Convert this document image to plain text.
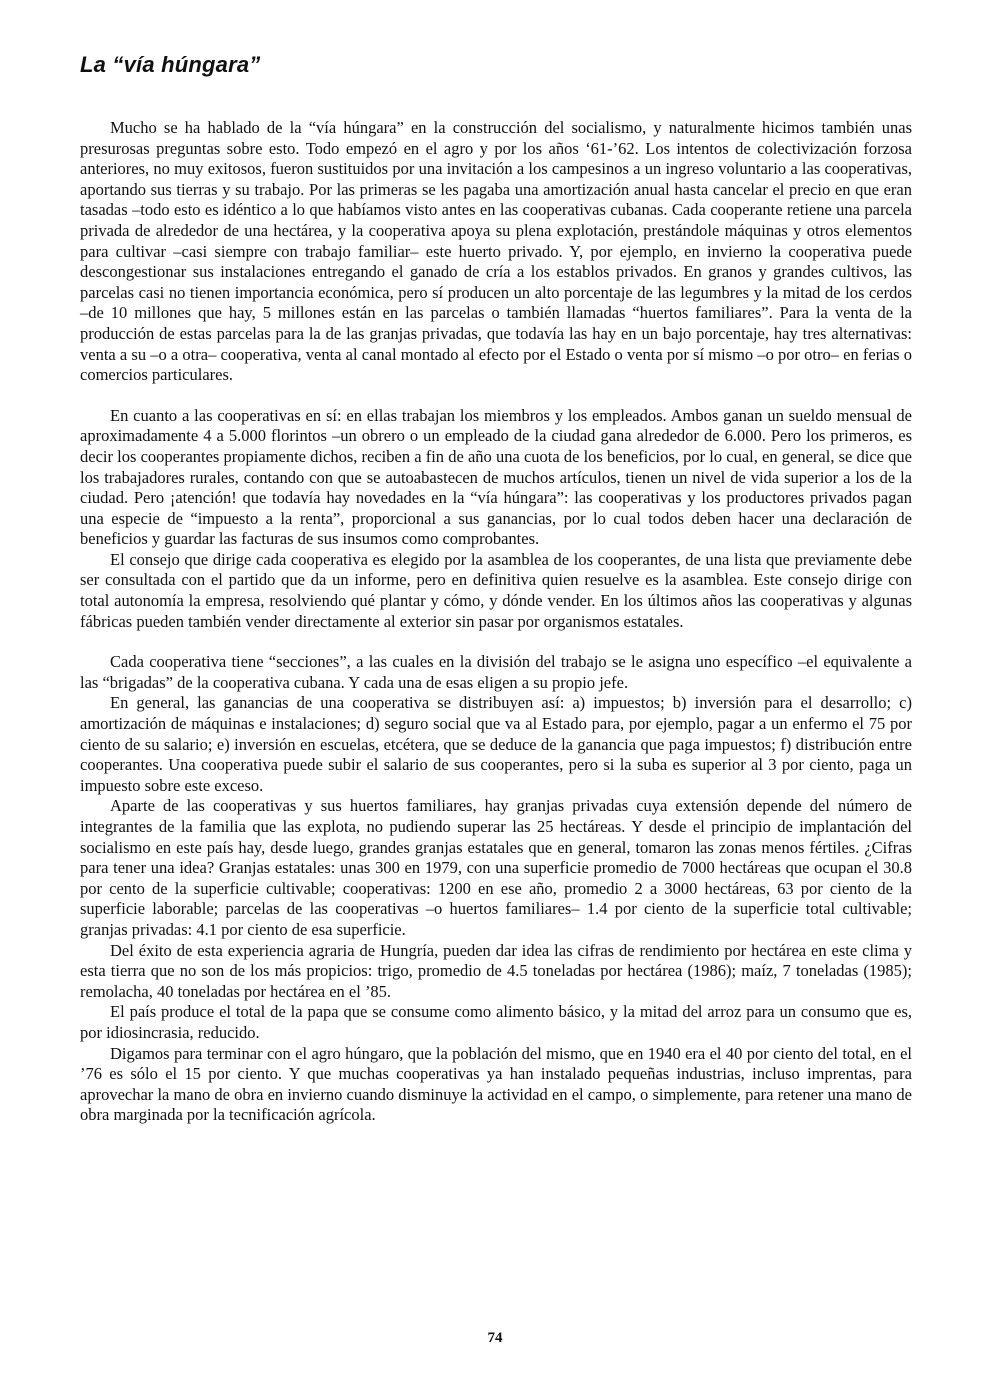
La “vía húngara”

Mucho se ha hablado de la “vía húngara” en la construcción del socialismo, y naturalmente hicimos también unas presurosas preguntas sobre esto. Todo empezó en el agro y por los años ‘61-’62. Los intentos de colectivización forzosa anteriores, no muy exitosos, fueron sustituidos por una invitación a los campesinos a un ingreso voluntario a las cooperativas, aportando sus tierras y su trabajo. Por las primeras se les pagaba una amortización anual hasta cancelar el precio en que eran tasadas –todo esto es idéntico a lo que habíamos visto antes en las cooperativas cubanas. Cada cooperante retiene una parcela privada de alrededor de una hectárea, y la cooperativa apoya su plena explotación, prestándole máquinas y otros elementos para cultivar –casi siempre con trabajo familiar– este huerto privado. Y, por ejemplo, en invierno la cooperativa puede descongestionar sus instalaciones entregando el ganado de cría a los establos privados. En granos y grandes cultivos, las parcelas casi no tienen importancia económica, pero sí producen un alto porcentaje de las legumbres y la mitad de los cerdos –de 10 millones que hay, 5 millones están en las parcelas o también llamadas “huertos familiares”. Para la venta de la producción de estas parcelas para la de las granjas privadas, que todavía las hay en un bajo porcentaje, hay tres alternativas: venta a su –o a otra– cooperativa, venta al canal montado al efecto por el Estado o venta por sí mismo –o por otro– en ferias o comercios particulares.

En cuanto a las cooperativas en sí: en ellas trabajan los miembros y los empleados. Ambos ganan un sueldo mensual de aproximadamente 4 a 5.000 florintos –un obrero o un empleado de la ciudad gana alrededor de 6.000. Pero los primeros, es decir los cooperantes propiamente dichos, reciben a fin de año una cuota de los beneficios, por lo cual, en general, se dice que los trabajadores rurales, contando con que se autoabastecen de muchos artículos, tienen un nivel de vida superior a los de la ciudad. Pero ¡atención! que todavía hay novedades en la “vía húngara”: las cooperativas y los productores privados pagan una especie de “impuesto a la renta”, proporcional a sus ganancias, por lo cual todos deben hacer una declaración de beneficios y guardar las facturas de sus insumos como comprobantes.

El consejo que dirige cada cooperativa es elegido por la asamblea de los cooperantes, de una lista que previamente debe ser consultada con el partido que da un informe, pero en definitiva quien resuelve es la asamblea. Este consejo dirige con total autonomía la empresa, resolviendo qué plantar y cómo, y dónde vender. En los últimos años las cooperativas y algunas fábricas pueden también vender directamente al exterior sin pasar por organismos estatales.

Cada cooperativa tiene “secciones”, a las cuales en la división del trabajo se le asigna uno específico –el equivalente a las “brigadas” de la cooperativa cubana. Y cada una de esas eligen a su propio jefe.

En general, las ganancias de una cooperativa se distribuyen así: a) impuestos; b) inversión para el desarrollo; c) amortización de máquinas e instalaciones; d) seguro social que va al Estado para, por ejemplo, pagar a un enfermo el 75 por ciento de su salario; e) inversión en escuelas, etcétera, que se deduce de la ganancia que paga impuestos; f) distribución entre cooperantes. Una cooperativa puede subir el salario de sus cooperantes, pero si la suba es superior al 3 por ciento, paga un impuesto sobre este exceso.

Aparte de las cooperativas y sus huertos familiares, hay granjas privadas cuya extensión depende del número de integrantes de la familia que las explota, no pudiendo superar las 25 hectáreas. Y desde el principio de implantación del socialismo en este país hay, desde luego, grandes granjas estatales que en general, tomaron las zonas menos fértiles. ¿Cifras para tener una idea? Granjas estatales: unas 300 en 1979, con una superficie promedio de 7000 hectáreas que ocupan el 30.8 por cento de la superficie cultivable; cooperativas: 1200 en ese año, promedio 2 a 3000 hectáreas, 63 por ciento de la superficie laborable; parcelas de las cooperativas –o huertos familiares– 1.4 por ciento de la superficie total cultivable; granjas privadas: 4.1 por ciento de esa superficie.

Del éxito de esta experiencia agraria de Hungría, pueden dar idea las cifras de rendimiento por hectárea en este clima y esta tierra que no son de los más propicios: trigo, promedio de 4.5 toneladas por hectárea (1986); maíz, 7 toneladas (1985); remolacha, 40 toneladas por hectárea en el ’85.

El país produce el total de la papa que se consume como alimento básico, y la mitad del arroz para un consumo que es, por idiosincrasia, reducido.

Digamos para terminar con el agro húngaro, que la población del mismo, que en 1940 era el 40 por ciento del total, en el ’76 es sólo el 15 por ciento. Y que muchas cooperativas ya han instalado pequeñas industrias, incluso imprentas, para aprovechar la mano de obra en invierno cuando disminuye la actividad en el campo, o simplemente, para retener una mano de obra marginada por la tecnificación agrícola.

74
